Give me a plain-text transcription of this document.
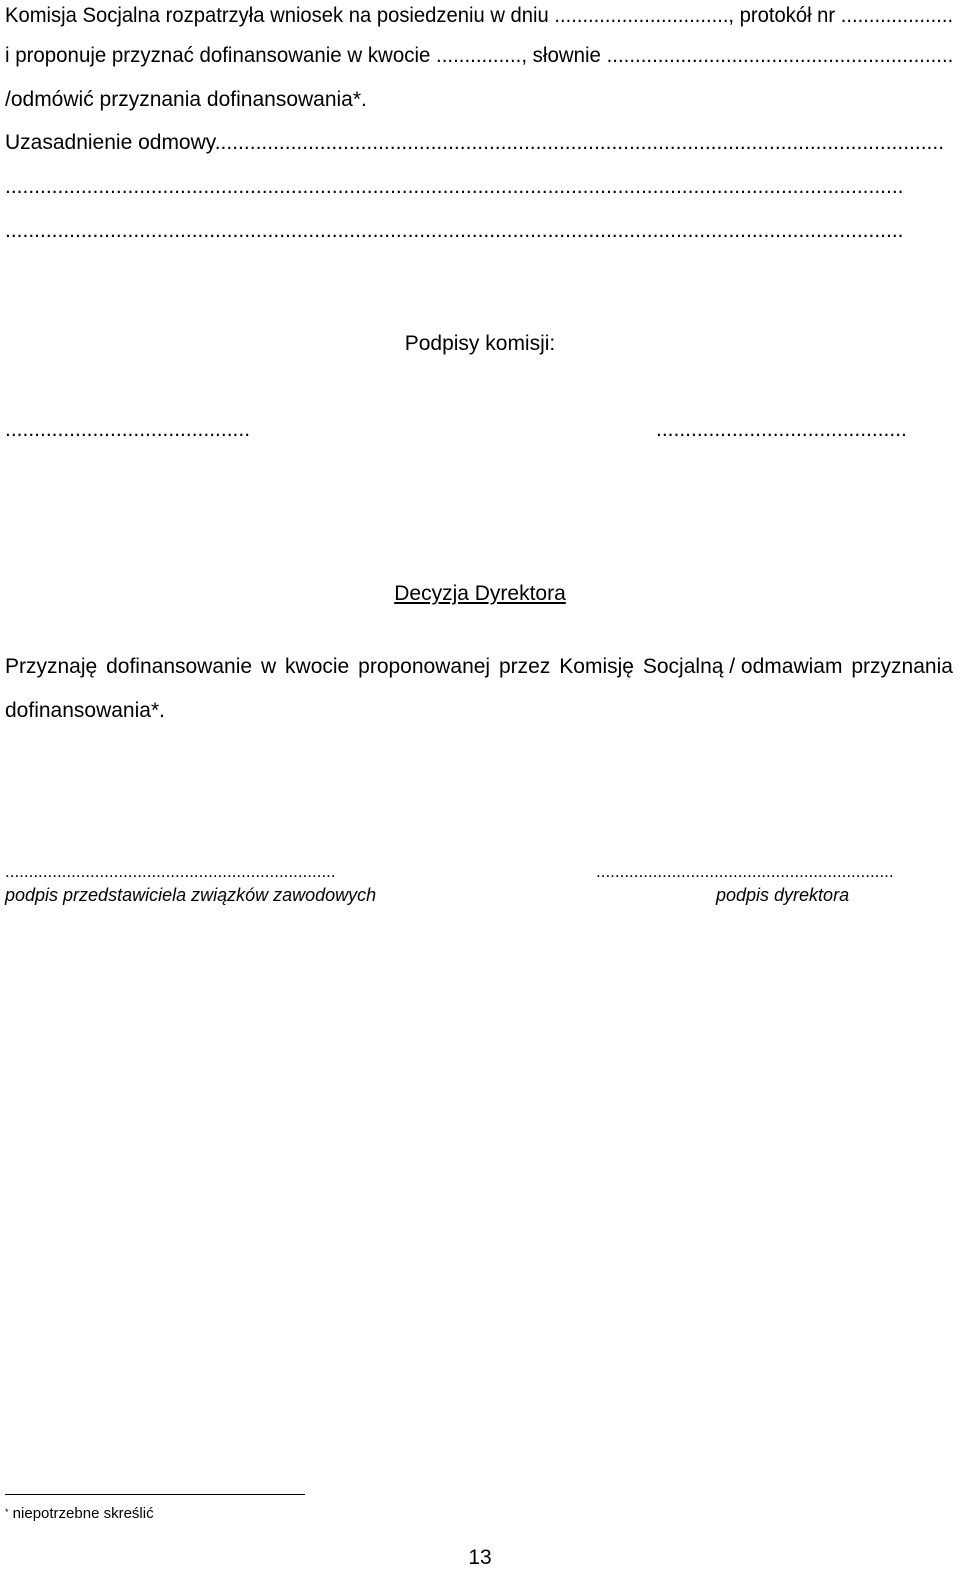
Komisja Socjalna rozpatrzyła wniosek na posiedzeniu w dniu ..............................., protokół nr ....................
i proponuje przyznać dofinansowanie w kwocie ..............., słownie .............................................................
/odmówić przyznania dofinansowania*.
Uzasadnienie odmowy.............................................................................................................................
..........................................................................................................................................................
..........................................................................................................................................................
Podpisy komisji:
..........................................	...........................................
Decyzja Dyrektora
Przyznaję dofinansowanie w kwocie proponowanej przez Komisję Socjalną / odmawiam przyznania
dofinansowania*.
......................................................................
podpis przedstawiciela związków zawodowych
...............................................................
podpis dyrektora
* niepotrzebne skreślić
13
